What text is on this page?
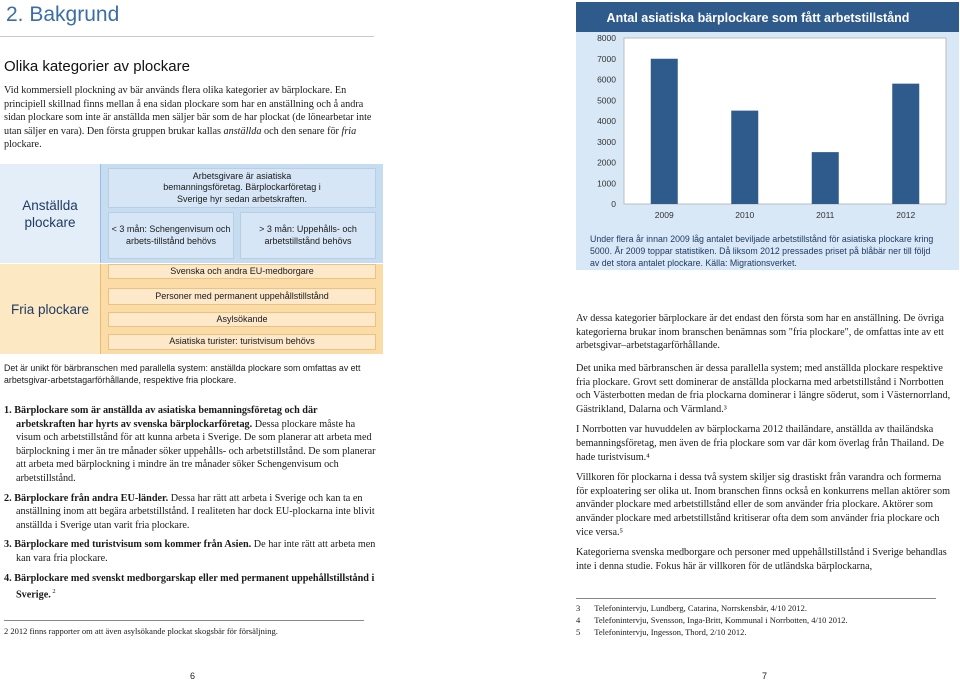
2. Bakgrund
Olika kategorier av plockare
Vid kommersiell plockning av bär används flera olika kategorier av bärplockare. En principiell skillnad finns mellan å ena sidan plockare som har en anställning och å andra sidan plockare som inte är anställda men säljer bär som de har plockat (de lönearbetar inte utan säljer en vara). Den första gruppen brukar kallas anställda och den senare för fria plockare.
Anställda plockare
Fria plockare
Arbetsgivare är asiatiska bemanningsföretag. Bärplockarföretag i Sverige hyr sedan arbetskraften.
< 3 mån: Schengenvisum och arbets-tillstånd behövs
> 3 mån: Uppehålls- och arbetstillstånd behövs
Svenska och andra EU-medborgare
Personer med permanent uppehållstillstånd
Asylsökande
Asiatiska turister: turistvisum behövs
Det är unikt för bärbranschen med parallella system: anställda plockare som omfattas av ett arbetsgivar-arbetstagarförhållande, respektive fria plockare.

1. Bärplockare som är anställda av asiatiska bemanningsföretag och där arbetskraften har hyrts av svenska bärplockarföretag. Dessa plockare måste ha visum och arbetstillstånd för att kunna arbeta i Sverige. De som planerar att arbeta med bärplockning i mer än tre månader söker uppehålls- och arbetstillstånd. De som planerar att arbeta med bärplockning i mindre än tre månader söker Schengenvisum och arbetstillstånd.

2. Bärplockare från andra EU-länder. Dessa har rätt att arbeta i Sverige och kan ta en anställning inom att begära arbetstillstånd. I realiteten har dock EU-plockarna inte blivit anställda i Sverige utan varit fria plockare.

3. Bärplockare med turistvisum som kommer från Asien. De har inte rätt att arbeta men kan vara fria plockare.

4. Bärplockare med svenskt medborgarskap eller med permanent uppehållstillstånd i Sverige. $^2$

2 2012 finns rapporter om att även asylsökande plockat skogsbär för försäljning.
6
Antal asiatiska bärplockare som fått arbetstillstånd
0
1000
2000
3000
4000
5000
6000
7000
8000
2009	2010	2011	2012
Under flera år innan 2009 låg antalet beviljade arbetstillstånd för asiatiska plockare kring 5000. År 2009 toppar statistiken. Då liksom 2012 pressades priset på blåbär ner till följd av det stora antalet plockare. Källa: Migrationsverket.
Av dessa kategorier bärplockare är det endast den första som har en anställning. De övriga kategorierna brukar inom branschen benämnas som "fria plockare", de omfattas inte av ett arbetsgivar–arbetstagarförhållande.

Det unika med bärbranschen är dessa parallella system; med anställda plockare respektive fria plockare. Grovt sett dominerar de anställda plockarna med arbetstillstånd i Norrbotten och Västerbotten medan de fria plockarna dominerar i längre söderut, som i Västernorrland, Gästrikland, Dalarna och Värmland.³

I Norrbotten var huvuddelen av bärplockarna 2012 thailändare, anställda av thailändska bemanningsföretag, men även de fria plockare som var där kom överlag från Thailand. De hade turistvisum.⁴

Villkoren för plockarna i dessa två system skiljer sig drastiskt från varandra och formerna för exploatering ser olika ut. Inom branschen finns också en konkurrens mellan aktörer som använder plockare med arbetstillstånd eller de som använder fria plockare. Aktörer som använder plockare med arbetstillstånd kritiserar ofta dem som använder fria plockare och vice versa.⁵

Kategorierna svenska medborgare och personer med uppehållstillstånd i Sverige behandlas inte i denna studie. Fokus här är villkoren för de utländska bärplockarna,

3 Telefonintervju, Lundberg, Catarina, Norrskensbär, 4/10 2012.
4 Telefonintervju, Svensson, Inga-Britt, Kommunal i Norrbotten, 4/10 2012.
5 Telefonintervju, Ingesson, Thord, 2/10 2012.
7
